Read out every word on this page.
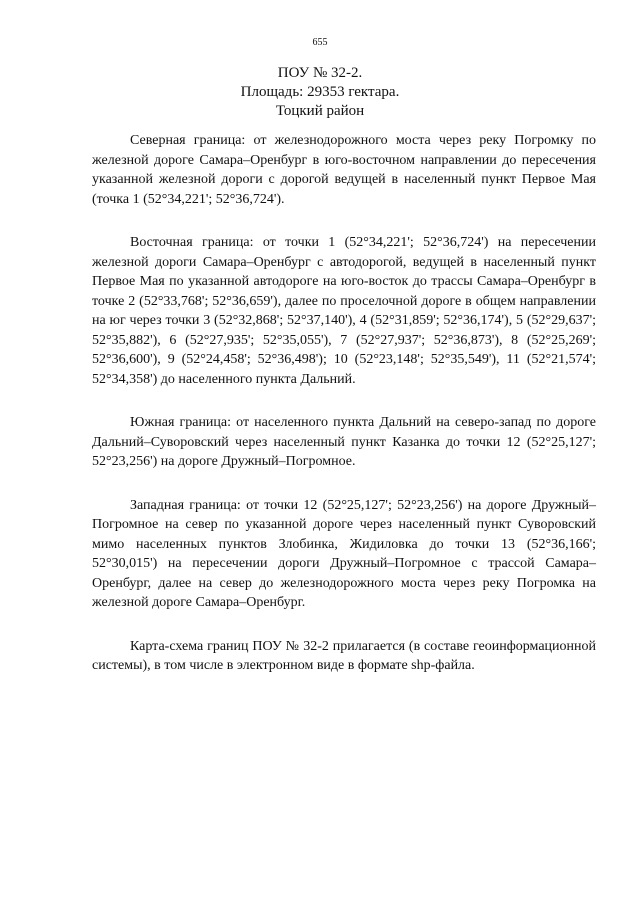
655
ПОУ № 32-2.
Площадь: 29353 гектара.
Тоцкий район

Северная граница: от железнодорожного моста через реку Погромку по железной дороге Самара–Оренбург в юго-восточном направлении до пересечения указанной железной дороги с дорогой ведущей в населенный пункт Первое Мая (точка 1 (52°34,221'; 52°36,724').

Восточная граница: от точки 1 (52°34,221'; 52°36,724') на пересечении железной дороги Самара–Оренбург с автодорогой, ведущей в населенный пункт Первое Мая по указанной автодороге на юго-восток до трассы Самара–Оренбург в точке 2 (52°33,768'; 52°36,659'), далее по проселочной дороге в общем направлении на юг через точки 3 (52°32,868'; 52°37,140'), 4 (52°31,859'; 52°36,174'), 5 (52°29,637'; 52°35,882'), 6 (52°27,935'; 52°35,055'), 7 (52°27,937'; 52°36,873'), 8 (52°25,269'; 52°36,600'), 9 (52°24,458'; 52°36,498'); 10 (52°23,148'; 52°35,549'), 11 (52°21,574'; 52°34,358') до населенного пункта Дальний.

Южная граница: от населенного пункта Дальний на северо-запад по дороге Дальний–Суворовский через населенный пункт Казанка до точки 12 (52°25,127'; 52°23,256') на дороге Дружный–Погромное.

Западная граница: от точки 12 (52°25,127'; 52°23,256') на дороге Дружный–Погромное на север по указанной дороге через населенный пункт Суворовский мимо населенных пунктов Злобинка, Жидиловка до точки 13 (52°36,166'; 52°30,015') на пересечении дороги Дружный–Погромное с трассой Самара–Оренбург, далее на север до железнодорожного моста через реку Погромка на железной дороге Самара–Оренбург.

Карта-схема границ ПОУ № 32-2 прилагается (в составе геоинформационной системы), в том числе в электронном виде в формате shp-файла.
